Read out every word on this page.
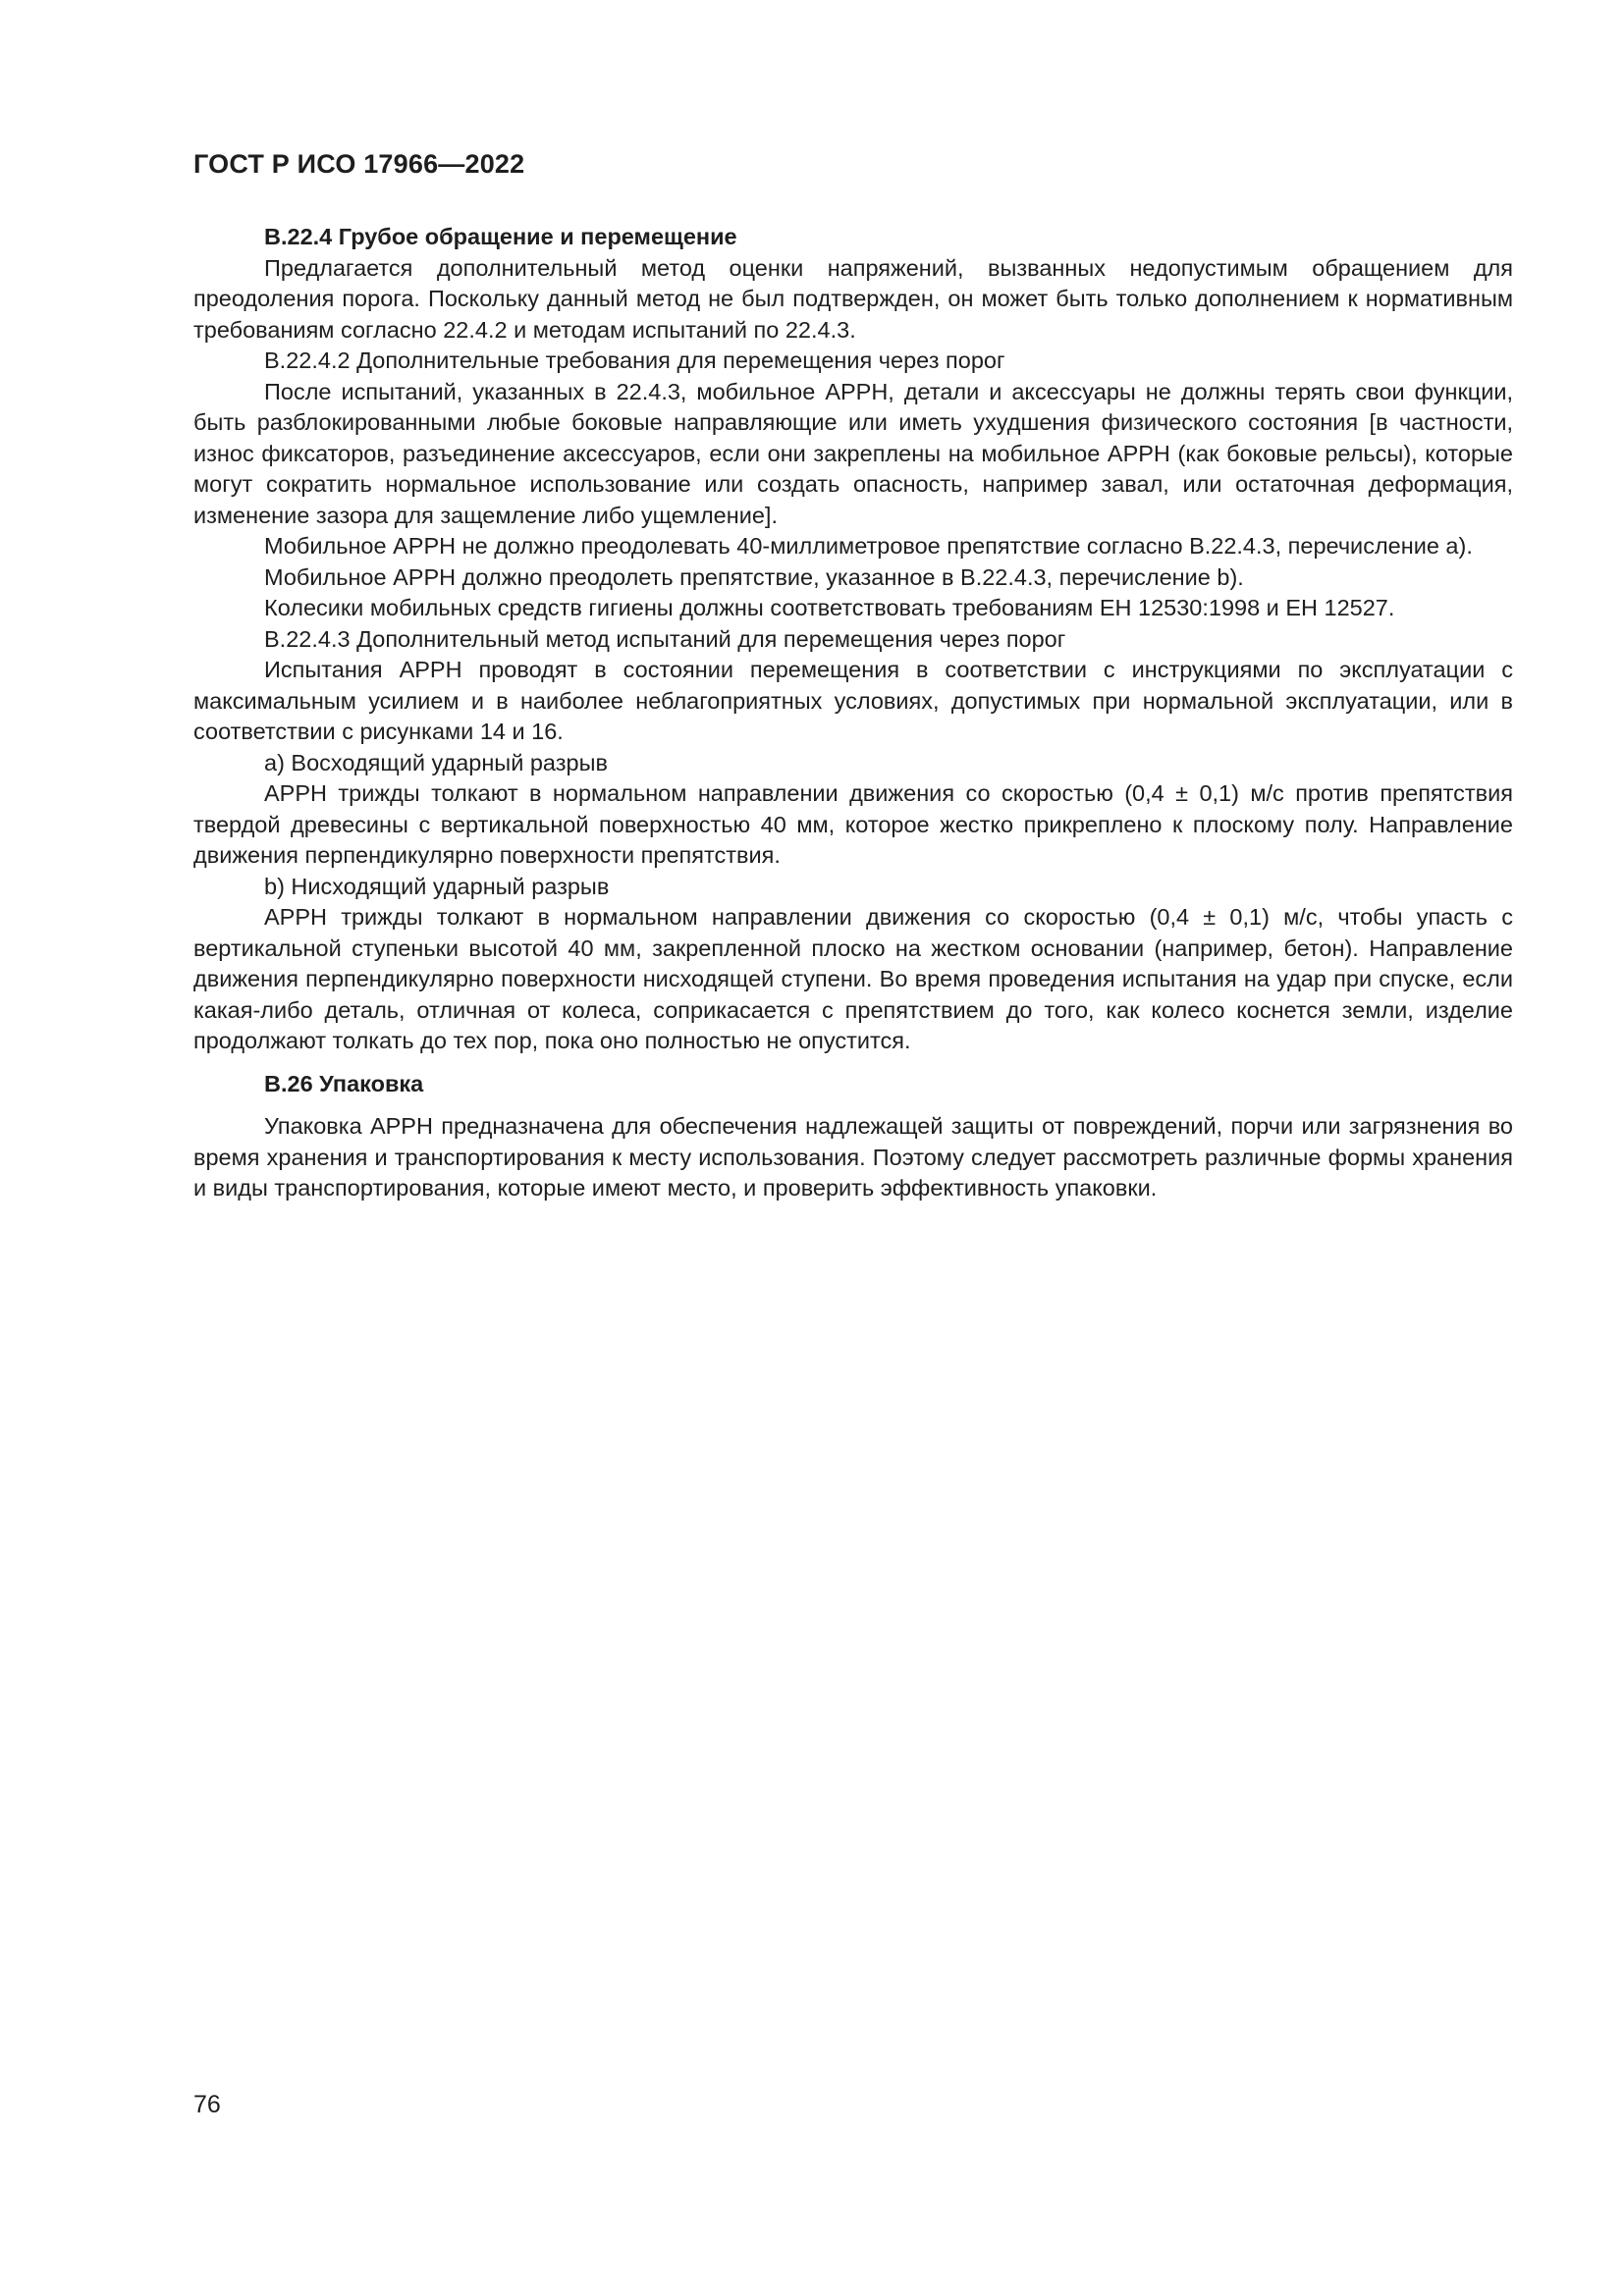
ГОСТ Р ИСО 17966—2022

В.22.4 Грубое обращение и перемещение

Предлагается дополнительный метод оценки напряжений, вызванных недопустимым обращением для преодоления порога. Поскольку данный метод не был подтвержден, он может быть только дополнением к нормативным требованиям согласно 22.4.2 и методам испытаний по 22.4.3.

В.22.4.2 Дополнительные требования для перемещения через порог

После испытаний, указанных в 22.4.3, мобильное АРРН, детали и аксессуары не должны терять свои функции, быть разблокированными любые боковые направляющие или иметь ухудшения физического состояния [в частности, износ фиксаторов, разъединение аксессуаров, если они закреплены на мобильное АРРН (как боковые рельсы), которые могут сократить нормальное использование или создать опасность, например завал, или остаточная деформация, изменение зазора для защемление либо ущемление].

Мобильное АРРН не должно преодолевать 40-миллиметровое препятствие согласно В.22.4.3, перечисление а).

Мобильное АРРН должно преодолеть препятствие, указанное в В.22.4.3, перечисление b).

Колесики мобильных средств гигиены должны соответствовать требованиям ЕН 12530:1998 и ЕН 12527.

В.22.4.3 Дополнительный метод испытаний для перемещения через порог

Испытания АРРН проводят в состоянии перемещения в соответствии с инструкциями по эксплуатации с максимальным усилием и в наиболее неблагоприятных условиях, допустимых при нормальной эксплуатации, или в соответствии с рисунками 14 и 16.

а) Восходящий ударный разрыв

АРРН трижды толкают в нормальном направлении движения со скоростью (0,4 ± 0,1) м/с против препятствия твердой древесины с вертикальной поверхностью 40 мм, которое жестко прикреплено к плоскому полу. Направление движения перпендикулярно поверхности препятствия.

b) Нисходящий ударный разрыв

АРРН трижды толкают в нормальном направлении движения со скоростью (0,4 ± 0,1) м/с, чтобы упасть с вертикальной ступеньки высотой 40 мм, закрепленной плоско на жестком основании (например, бетон). Направление движения перпендикулярно поверхности нисходящей ступени. Во время проведения испытания на удар при спуске, если какая-либо деталь, отличная от колеса, соприкасается с препятствием до того, как колесо коснется земли, изделие продолжают толкать до тех пор, пока оно полностью не опустится.

В.26 Упаковка

Упаковка АРРН предназначена для обеспечения надлежащей защиты от повреждений, порчи или загрязнения во время хранения и транспортирования к месту использования. Поэтому следует рассмотреть различные формы хранения и виды транспортирования, которые имеют место, и проверить эффективность упаковки.

76
